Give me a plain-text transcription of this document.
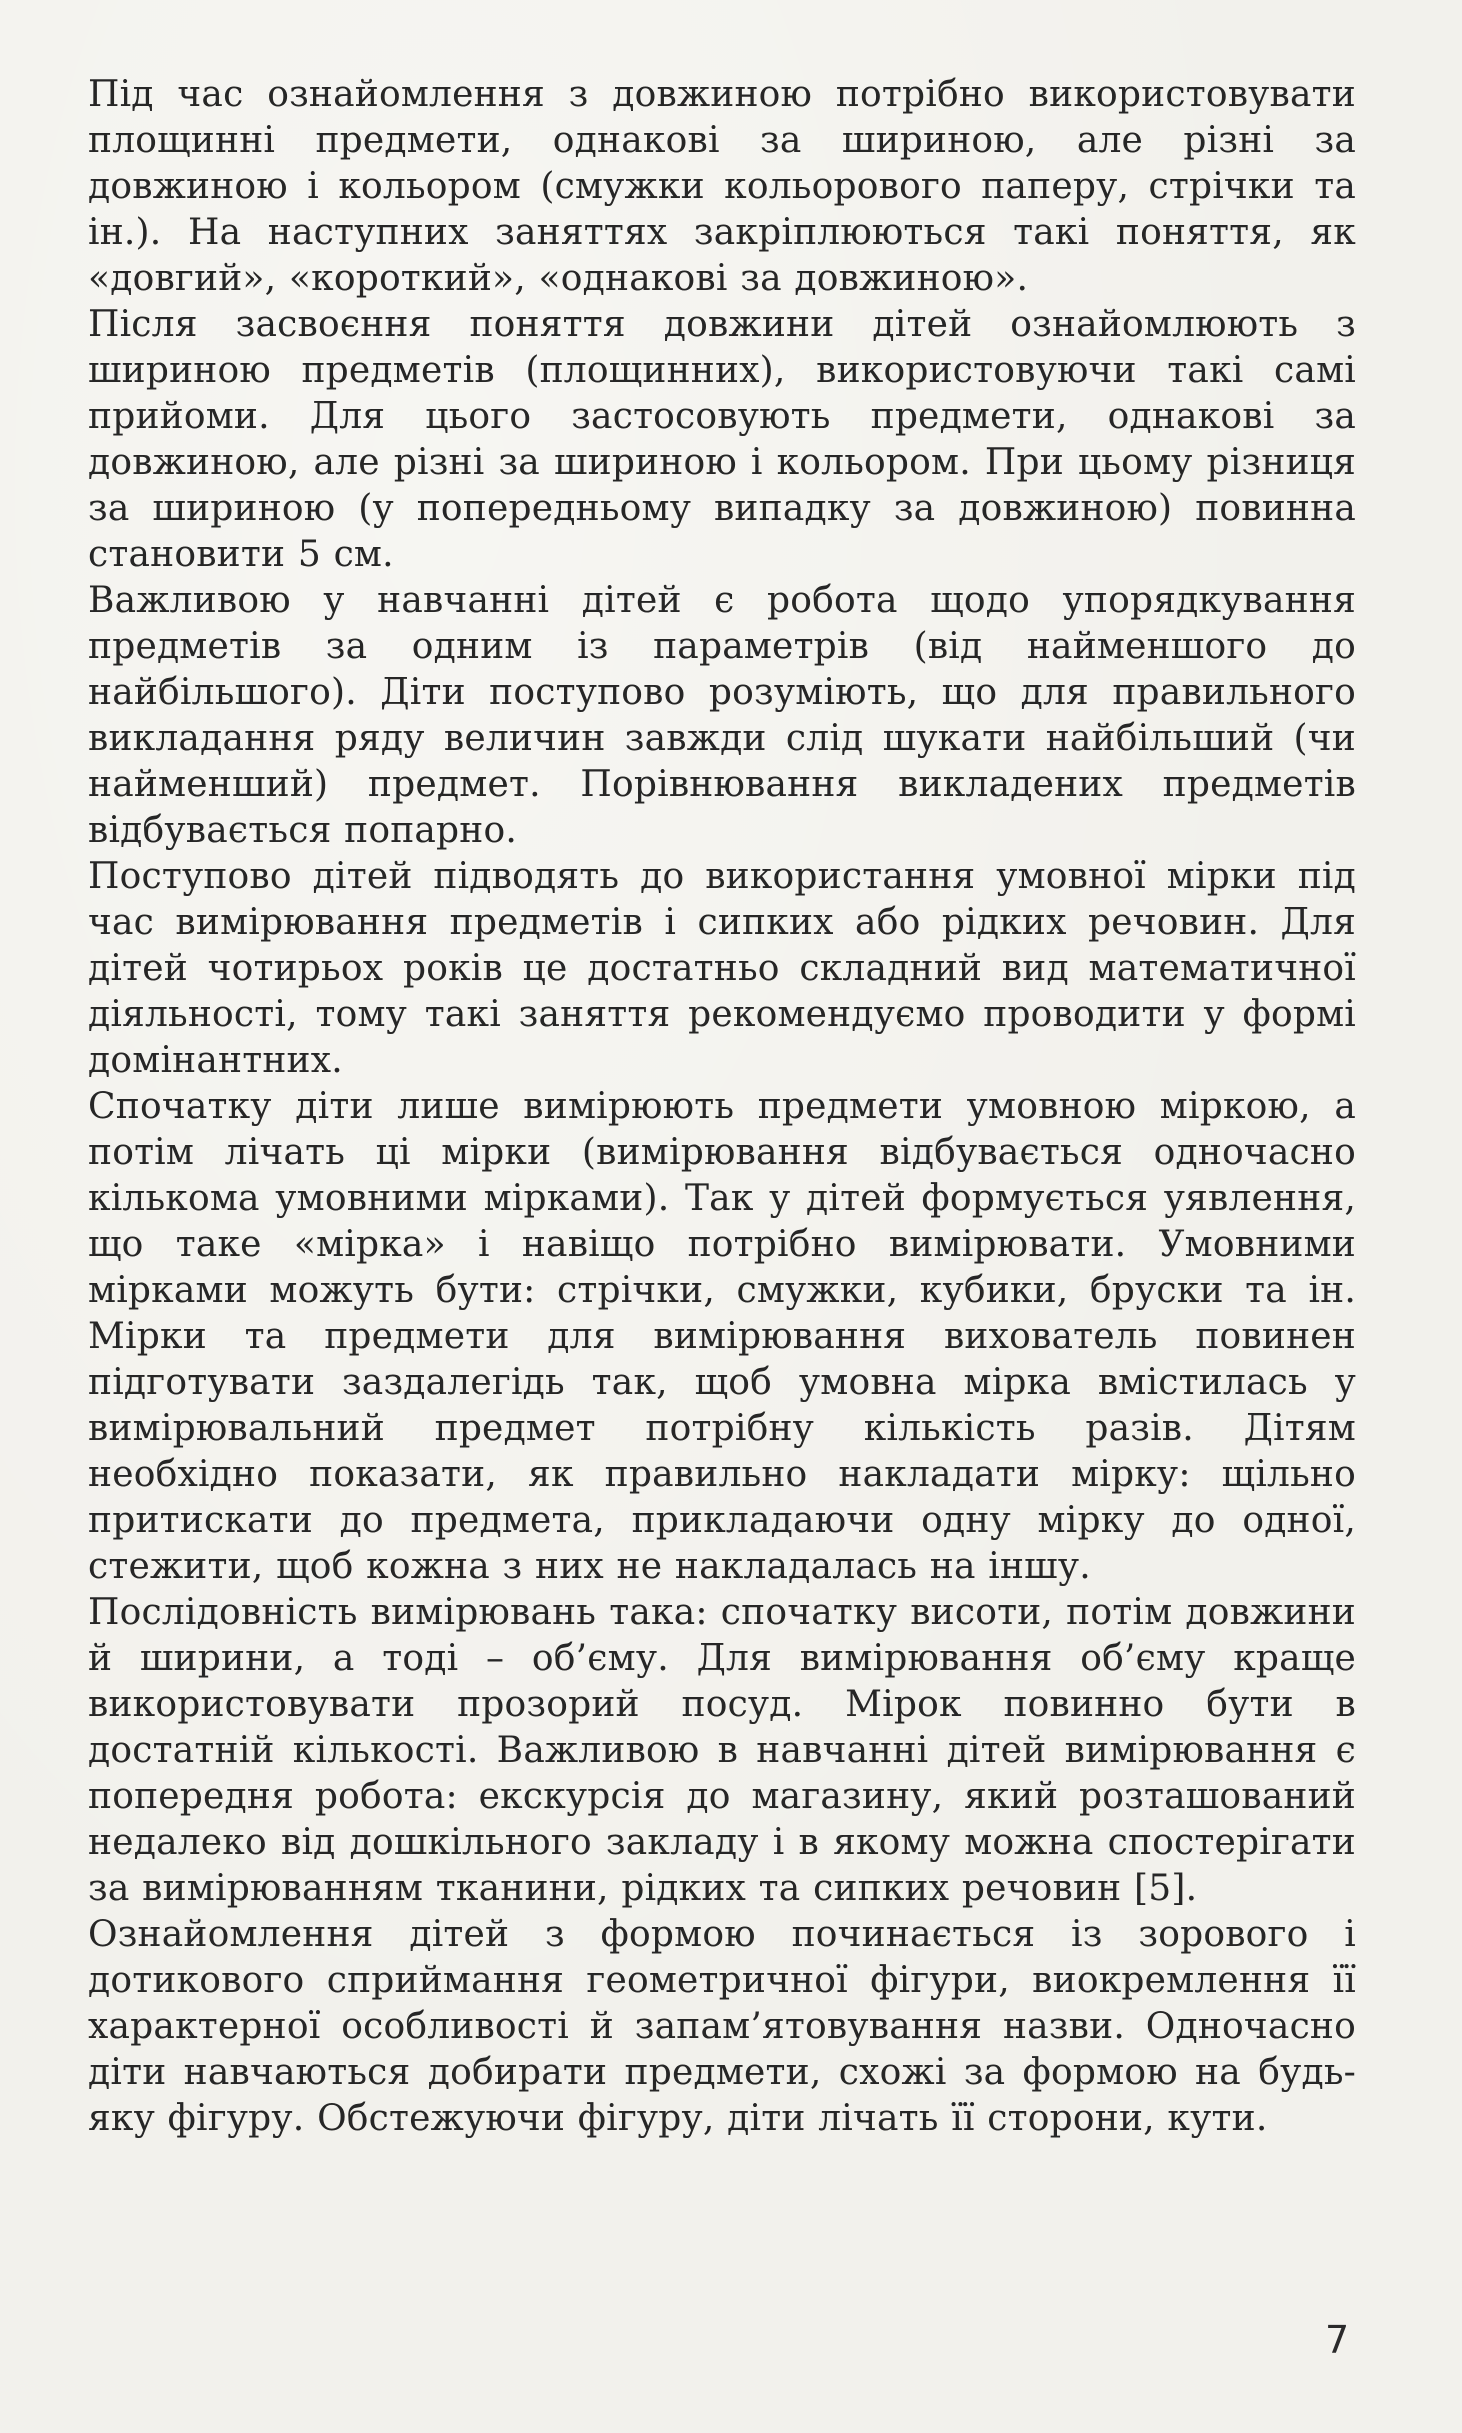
Під час ознайомлення з довжиною потрібно використовувати площинні предмети, однакові за шириною, але різні за довжиною і кольором (смужки кольорового паперу, стрічки та ін.). На наступних заняттях закріплюються такі поняття, як «довгий», «короткий», «однакові за довжиною».

Після засвоєння поняття довжини дітей ознайомлюють з шириною предметів (площинних), використовуючи такі самі прийоми. Для цього застосовують предмети, однакові за довжиною, але різні за шириною і кольором. При цьому різниця за шириною (у попередньому випадку за довжиною) повинна становити 5 см.

Важливою у навчанні дітей є робота щодо упорядкування предметів за одним із параметрів (від найменшого до найбільшого). Діти поступово розуміють, що для правильного викладання ряду величин завжди слід шукати найбільший (чи найменший) предмет. Порівнювання викладених предметів відбувається попарно.

Поступово дітей підводять до використання умовної мірки під час вимірювання предметів і сипких або рідких речовин. Для дітей чотирьох років це достатньо складний вид математичної діяльності, тому такі заняття рекомендуємо проводити у формі домінантних.

Спочатку діти лише вимірюють предмети умовною міркою, а потім лічать ці мірки (вимірювання відбувається одночасно кількома умовними мірками). Так у дітей формується уявлення, що таке «мірка» і навіщо потрібно вимірювати. Умовними мірками можуть бути: стрічки, смужки, кубики, бруски та ін. Мірки та предмети для вимірювання вихователь повинен підготувати заздалегідь так, щоб умовна мірка вмістилась у вимірювальний предмет потрібну кількість разів. Дітям необхідно показати, як правильно накладати мірку: щільно притискати до предмета, прикладаючи одну мірку до одної, стежити, щоб кожна з них не накладалась на іншу.

Послідовність вимірювань така: спочатку висоти, потім довжини й ширини, а тоді – об’єму. Для вимірювання об’єму краще використовувати прозорий посуд. Мірок повинно бути в достатній кількості. Важливою в навчанні дітей вимірювання є попередня робота: екскурсія до магазину, який розташований недалеко від дошкільного закладу і в якому можна спостерігати за вимірюванням тканини, рідких та сипких речовин [5].

Ознайомлення дітей з формою починається із зорового і дотикового сприймання геометричної фігури, виокремлення її характерної особливості й запам’ятовування назви. Одночасно діти навчаються добирати предмети, схожі за формою на будь-яку фігуру. Обстежуючи фігуру, діти лічать її сторони, кути.

7
